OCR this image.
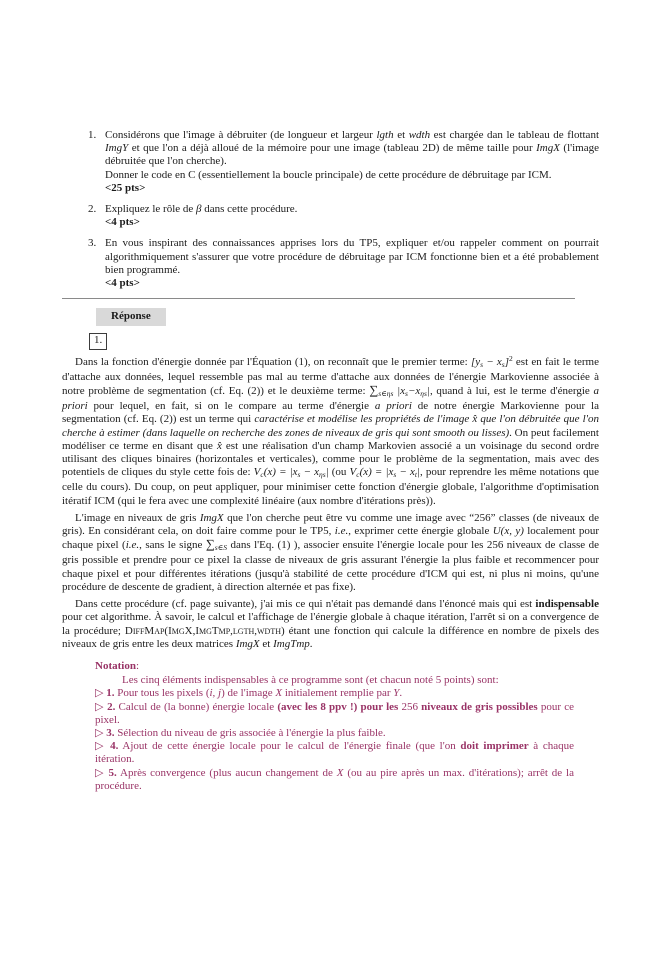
1. Considérons que l'image à débruiter (de longueur et largeur lgth et wdth est chargée dan le tableau de flottant ImgY et que l'on a déjà alloué de la mémoire pour une image (tableau 2D) de même taille pour ImgX (l'image débruitée que l'on cherche).
Donner le code en C (essentiellement la boucle principale) de cette procédure de débruitage par ICM.
<25 pts>
2. Expliquez le rôle de β dans cette procédure.
<4 pts>
3. En vous inspirant des connaissances apprises lors du TP5, expliquer et/ou rappeler comment on pourrait algorithmiquement s'assurer que votre procédure de débruitage par ICM fonctionne bien et a été probablement bien programmé.
<4 pts>
Réponse
1.
Dans la fonction d'énergie donnée par l'Équation (1), on reconnaît que le premier terme: [ys − xs]$^2$ est en fait le terme d'attache aux données, lequel ressemble pas mal au terme d'attache aux données de l'énergie Markovienne associée à notre problème de segmentation (cf. Eq. (2)) et le deuxième terme: ∑s∈ηs |xs−xηs|, quand à lui, est le terme d'énergie a priori pour lequel, en fait, si on le compare au terme d'énergie a priori de notre énergie Markovienne pour la segmentation (cf. Eq. (2)) est un terme qui caractérise et modélise les propriétés de l'image x̂ que l'on débruitée que l'on cherche à estimer (dans laquelle on recherche des zones de niveaux de gris qui sont smooth ou lisses). On peut facilement modéliser ce terme en disant que x̂ est une réalisation d'un champ Markovien associé a un voisinage du second ordre utilisant des cliques binaires (horizontales et verticales), comme pour le problème de la segmentation, mais avec des potentiels de cliques du style cette fois de: Vc(x) = |xs − xηs| (ou Vc(x) = |xs − xt|, pour reprendre les même notations que celle du cours). Du coup, on peut appliquer, pour minimiser cette fonction d'énergie globale, l'algorithme d'optimisation itératif ICM (qui le fera avec une complexité linéaire (aux nombre d'itérations près)).
L'image en niveaux de gris ImgX que l'on cherche peut être vu comme une image avec “256” classes (de niveaux de gris). En considérant cela, on doit faire comme pour le TP5, i.e., exprimer cette énergie globale U(x, y) localement pour chaque pixel (i.e., sans le signe ∑s∈S dans l'Eq. (1) ), associer ensuite l'énergie locale pour les 256 niveaux de classe de gris possible et prendre pour ce pixel la classe de niveaux de gris assurant l'énergie la plus faible et recommencer pour chaque pixel et pour différentes itérations (jusqu'à stabilité de cette procédure d'ICM qui est, ni plus ni moins, qu'une procédure de descente de gradient, à direction alternée et pas fixe).
Dans cette procédure (cf. page suivante), j'ai mis ce qui n'était pas demandé dans l'énoncé mais qui est indispensable pour cet algorithme. À savoir, le calcul et l'affichage de l'énergie globale à chaque itération, l'arrêt si on a convergence de la procédure; DiffMap(ImgX,ImgTmp,lgth,wdth) étant une fonction qui calcule la différence en nombre de pixels des niveaux de gris entre les deux matrices ImgX et ImgTmp.
Notation:
Les cinq éléments indispensables à ce programme sont (et chacun noté 5 points) sont:
▷ 1. Pour tous les pixels (i, j) de l'image X initialement remplie par Y.
▷ 2. Calcul de (la bonne) énergie locale (avec les 8 ppv !) pour les 256 niveaux de gris possibles pour ce pixel.
▷ 3. Sélection du niveau de gris associée à l'énergie la plus faible.
▷ 4. Ajout de cette énergie locale pour le calcul de l'énergie finale (que l'on doit imprimer à chaque itération.
▷ 5. Après convergence (plus aucun changement de X (ou au pire après un max. d'itérations); arrêt de la procédure.
